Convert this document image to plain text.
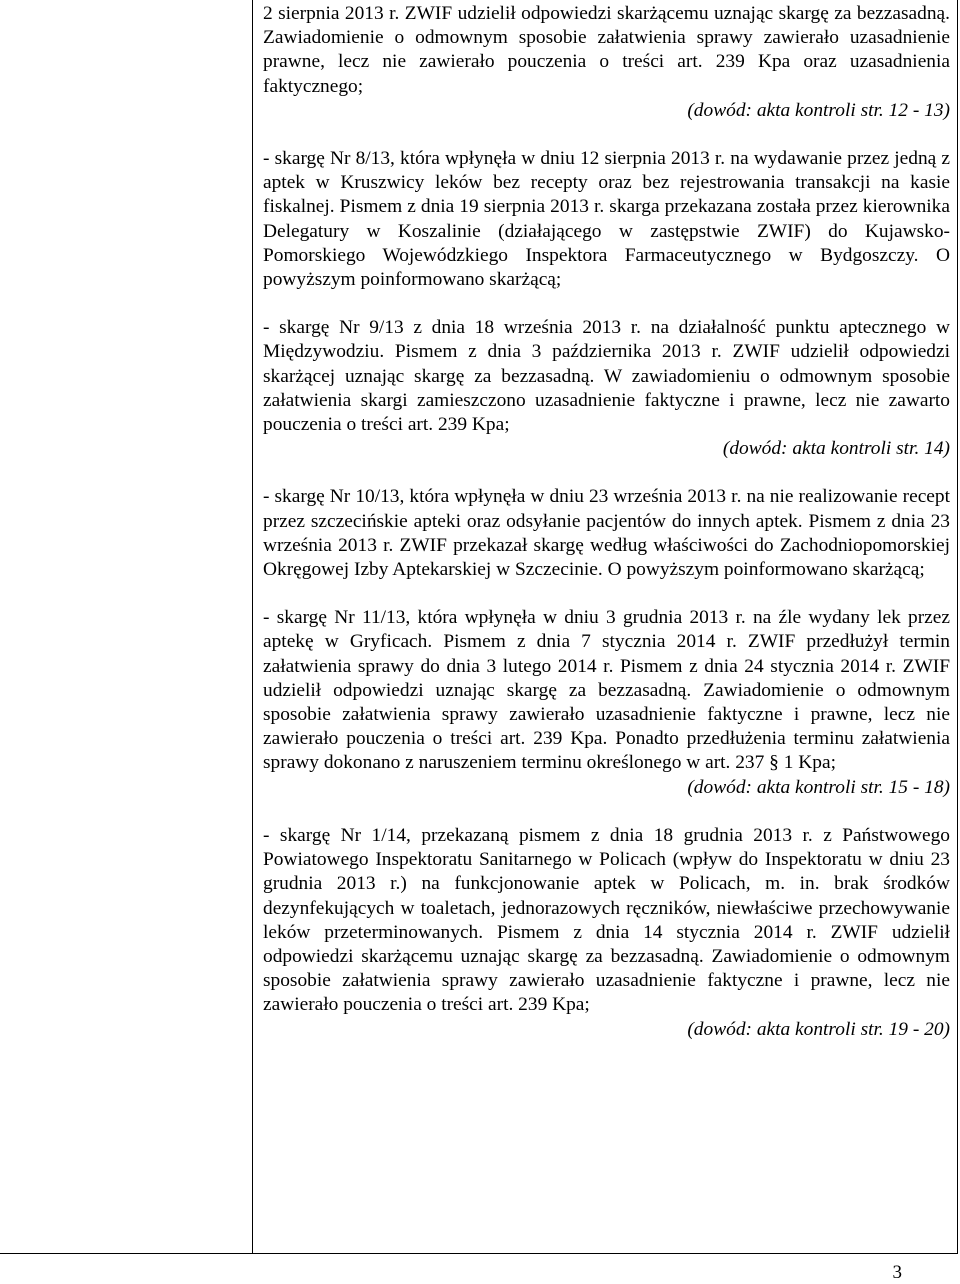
2 sierpnia 2013 r. ZWIF udzielił odpowiedzi skarżącemu uznając skargę za bezzasadną. Zawiadomienie o odmownym sposobie załatwienia sprawy zawierało uzasadnienie prawne, lecz nie zawierało pouczenia o treści art. 239 Kpa oraz uzasadnienia faktycznego;

(dowód: akta kontroli str. 12 - 13)

- skargę Nr 8/13, która wpłynęła w dniu 12 sierpnia 2013 r. na wydawanie przez jedną z aptek w Kruszwicy leków bez recepty oraz bez rejestrowania transakcji na kasie fiskalnej. Pismem z dnia 19 sierpnia 2013 r. skarga przekazana została przez kierownika Delegatury w Koszalinie (działającego w zastępstwie ZWIF) do Kujawsko-Pomorskiego Wojewódzkiego Inspektora Farmaceutycznego w Bydgoszczy. O powyższym poinformowano skarżącą;

- skargę Nr 9/13 z dnia 18 września 2013 r. na działalność punktu aptecznego w Międzywodziu. Pismem z dnia 3 października 2013 r. ZWIF udzielił odpowiedzi skarżącej uznając skargę za bezzasadną. W zawiadomieniu o odmownym sposobie załatwienia skargi zamieszczono uzasadnienie faktyczne i prawne, lecz nie zawarto pouczenia o treści art. 239 Kpa;

(dowód: akta kontroli str. 14)

- skargę Nr 10/13, która wpłynęła w dniu 23 września 2013 r. na nie realizowanie recept przez szczecińskie apteki oraz odsyłanie pacjentów do innych aptek. Pismem z dnia 23 września 2013 r. ZWIF przekazał skargę według właściwości do Zachodniopomorskiej Okręgowej Izby Aptekarskiej w Szczecinie. O powyższym poinformowano skarżącą;

- skargę Nr 11/13, która wpłynęła w dniu 3 grudnia 2013 r. na źle wydany lek przez aptekę w Gryficach. Pismem z dnia 7 stycznia 2014 r. ZWIF przedłużył termin załatwienia sprawy do dnia 3 lutego 2014 r. Pismem z dnia 24 stycznia 2014 r. ZWIF udzielił odpowiedzi uznając skargę za bezzasadną. Zawiadomienie o odmownym sposobie załatwienia sprawy zawierało uzasadnienie faktyczne i prawne, lecz nie zawierało pouczenia o treści art. 239 Kpa. Ponadto przedłużenia terminu załatwienia sprawy dokonano z naruszeniem terminu określonego w art. 237 § 1 Kpa;

(dowód: akta kontroli str. 15 - 18)

- skargę Nr 1/14, przekazaną pismem z dnia 18 grudnia 2013 r. z Państwowego Powiatowego Inspektoratu Sanitarnego w Policach (wpływ do Inspektoratu w dniu 23 grudnia 2013 r.) na funkcjonowanie aptek w Policach, m. in. brak środków dezynfekujących w toaletach, jednorazowych ręczników, niewłaściwe przechowywanie leków przeterminowanych. Pismem z dnia 14 stycznia 2014 r. ZWIF udzielił odpowiedzi skarżącemu uznając skargę za bezzasadną. Zawiadomienie o odmownym sposobie załatwienia sprawy zawierało uzasadnienie faktyczne i prawne, lecz nie zawierało pouczenia o treści art. 239 Kpa;

(dowód: akta kontroli str. 19 - 20)

3
